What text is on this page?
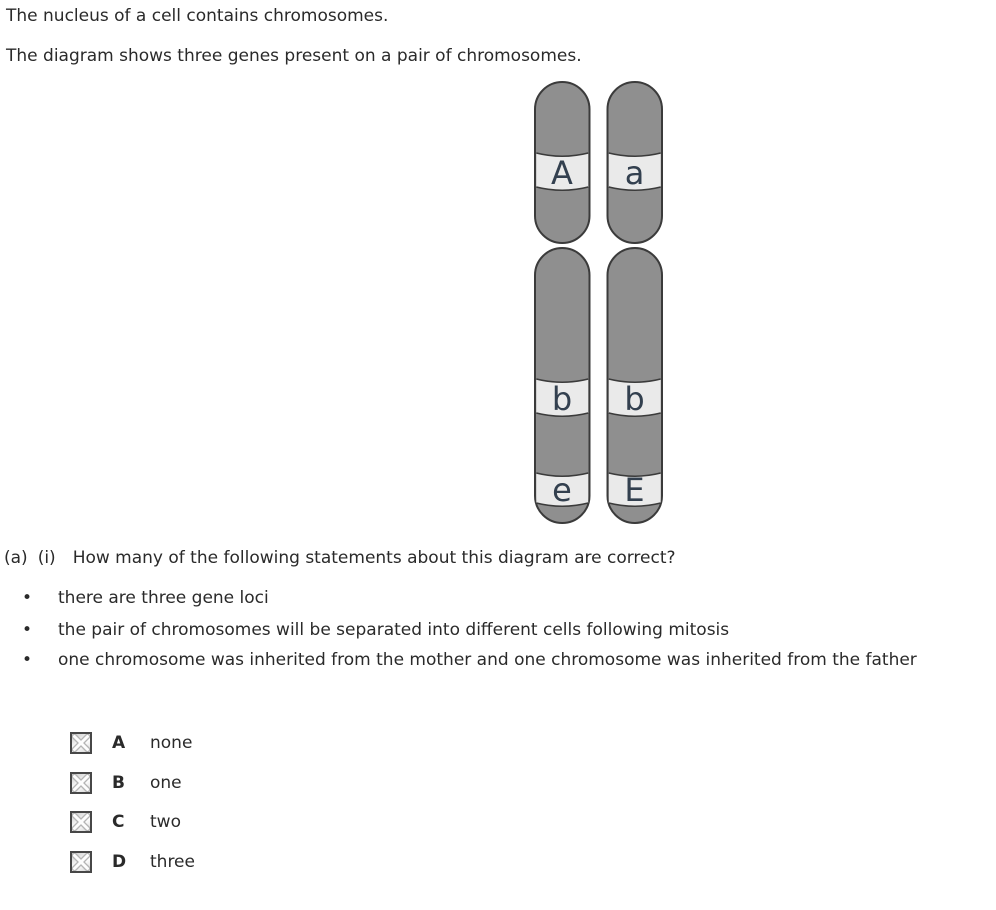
The nucleus of a cell contains chromosomes.
The diagram shows three genes present on a pair of chromosomes.
A
b
e
a
b
E
(a) (i) How many of the following statements about this diagram are correct?
•	there are three gene loci
•	the pair of chromosomes will be separated into different cells following mitosis
•	one chromosome was inherited from the mother and one chromosome was inherited from the father
A none
B one
C two
D three
